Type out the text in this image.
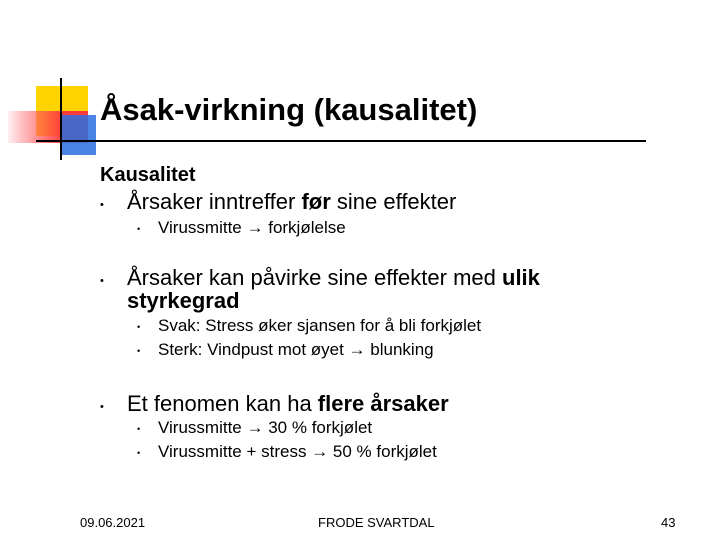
Åsak-virkning (kausalitet)
Kausalitet
• Årsaker inntreffer før sine effekter
• Virussmitte → forkjølelse
• Årsaker kan påvirke sine effekter med ulik
styrkegrad
• Svak: Stress øker sjansen for å bli forkjølet
• Sterk: Vindpust mot øyet → blunking
• Et fenomen kan ha flere årsaker
• Virussmitte → 30 % forkjølet
• Virussmitte + stress → 50 % forkjølet
09.06.2021	FRODE SVARTDAL	43
